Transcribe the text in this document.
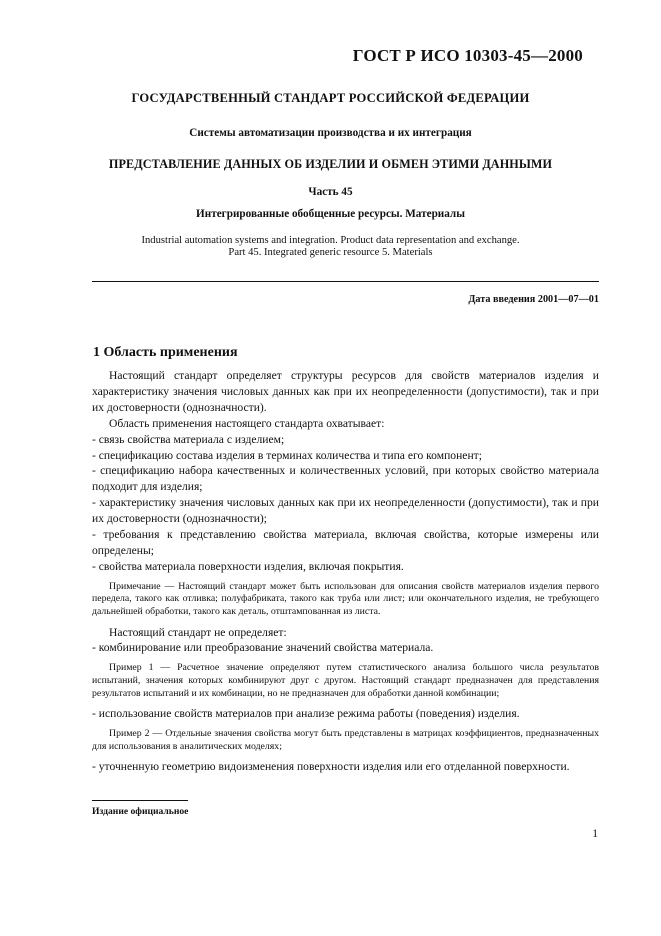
ГОСТ Р ИСО 10303-45—2000
ГОСУДАРСТВЕННЫЙ СТАНДАРТ РОССИЙСКОЙ ФЕДЕРАЦИИ
Системы автоматизации производства и их интеграция
ПРЕДСТАВЛЕНИЕ ДАННЫХ ОБ ИЗДЕЛИИ И ОБМЕН ЭТИМИ ДАННЫМИ
Часть 45
Интегрированные обобщенные ресурсы. Материалы
Industrial automation systems and integration. Product data representation and exchange.
Part 45. Integrated generic resource 5. Materials
Дата введения 2001—07—01
1 Область применения

Настоящий стандарт определяет структуры ресурсов для свойств материалов изделия и характеристику значения числовых данных как при их неопределенности (допустимости), так и при их достоверности (однозначности).

Область применения настоящего стандарта охватывает:

- связь свойства материала с изделием;

- спецификацию состава изделия в терминах количества и типа его компонент;

- спецификацию набора качественных и количественных условий, при которых свойство материала подходит для изделия;

- характеристику значения числовых данных как при их неопределенности (допустимости), так и при их достоверности (однозначности);

- требования к представлению свойства материала, включая свойства, которые измерены или определены;

- свойства материала поверхности изделия, включая покрытия.

Примечание — Настоящий стандарт может быть использован для описания свойств материалов изделия первого передела, такого как отливка; полуфабриката, такого как труба или лист; или окончательного изделия, не требующего дальнейшей обработки, такого как деталь, отштампованная из листа.

Настоящий стандарт не определяет:

- комбинирование или преобразование значений свойства материала.

Пример 1 — Расчетное значение определяют путем статистического анализа большого числа результатов испытаний, значения которых комбинируют друг с другом. Настоящий стандарт предназначен для представления результатов испытаний и их комбинации, но не предназначен для обработки данной комбинации;

- использование свойств материалов при анализе режима работы (поведения) изделия.

Пример 2 — Отдельные значения свойства могут быть представлены в матрицах коэффициентов, предназначенных для использования в аналитических моделях;

- уточненную геометрию видоизменения поверхности изделия или его отделанной поверхности.

Издание официальное
1
